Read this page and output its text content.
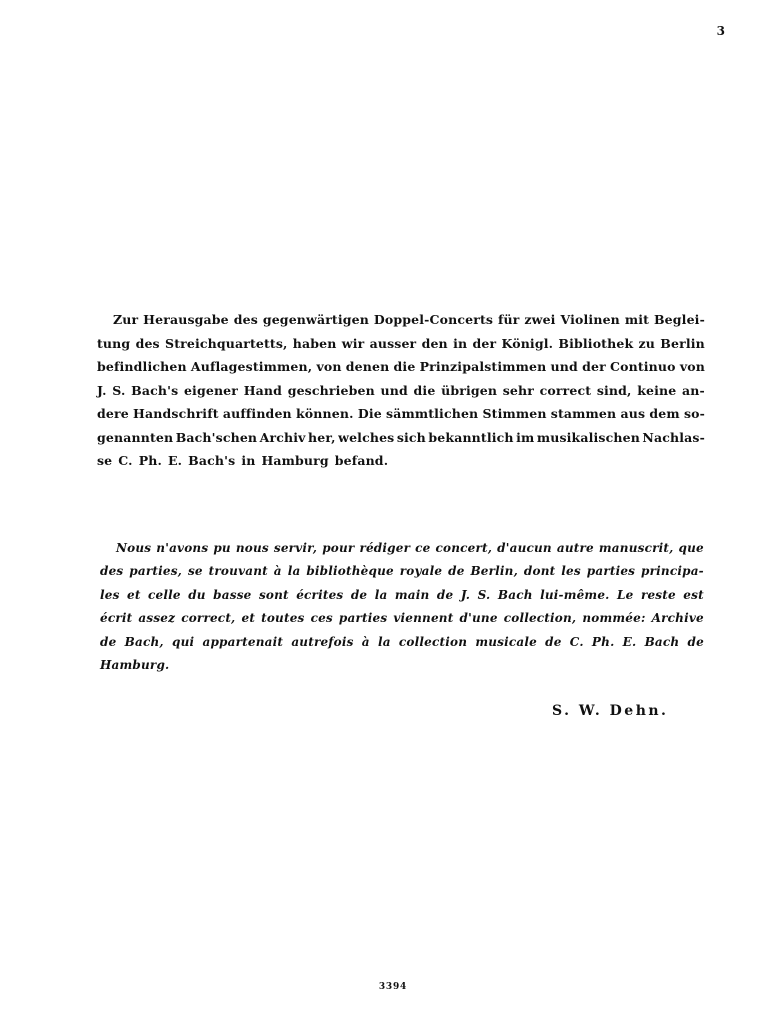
3
Zur Herausgabe des gegenwärtigen Doppel-Concerts für zwei Violinen mit Beglei-
tung des Streichquartetts, haben wir ausser den in der Königl. Bibliothek zu Berlin
befindlichen Auflagestimmen, von denen die Prinzipalstimmen und der Continuo von
J. S. Bach's eigener Hand geschrieben und die übrigen sehr correct sind, keine an-
dere Handschrift auffinden können. Die sämmtlichen Stimmen stammen aus dem so-
genannten Bach'schen Archiv her, welches sich bekanntlich im musikalischen Nachlas-
se C. Ph. E. Bach's in Hamburg befand.
Nous n'avons pu nous servir, pour rédiger ce concert, d'aucun autre manuscrit, que
des parties, se trouvant à la bibliothèque royale de Berlin, dont les parties principa-
les et celle du basse sont écrites de la main de J. S. Bach lui-même. Le reste est
écrit assez correct, et toutes ces parties viennent d'une collection, nommée: Archive
de Bach, qui appartenait autrefois à la collection musicale de C. Ph. E. Bach de
Hamburg.
S. W. Dehn.
3394
